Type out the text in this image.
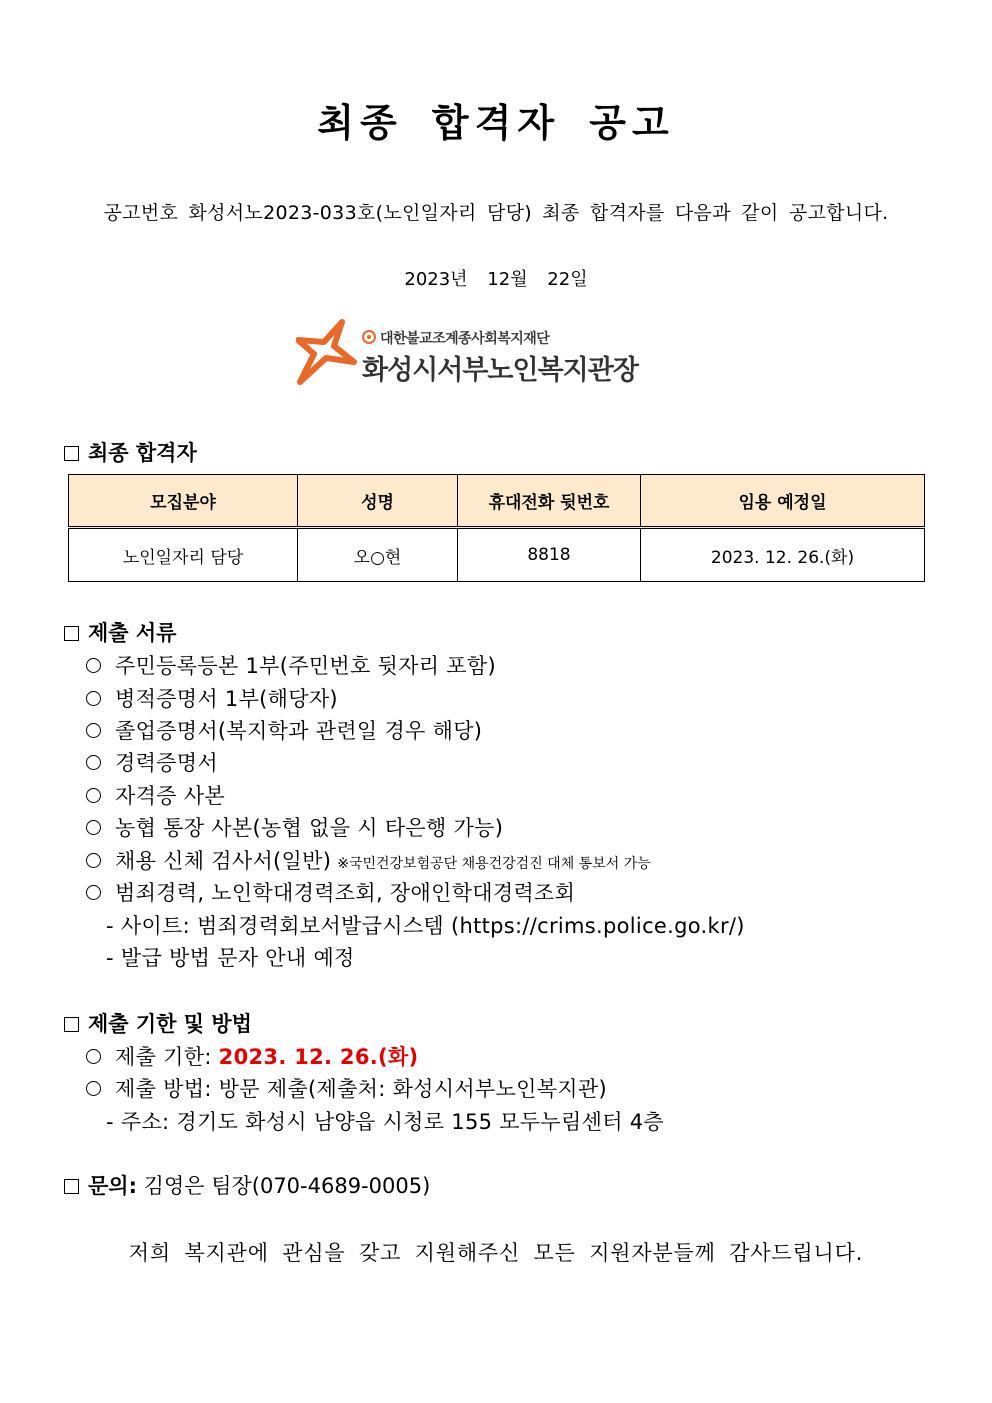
최종 합격자 공고
공고번호 화성서노2023-033호(노인일자리 담당) 최종 합격자를 다음과 같이 공고합니다.
2023년 12월 22일
대한불교조계종사회복지재단
화성시서부노인복지관장
최종 합격자
모집분야	성명	휴대전화 뒷번호	임용 예정일
노인일자리 담당	오○현	8818	2023. 12. 26.(화)
제출 서류
주민등록등본 1부(주민번호 뒷자리 포함)
병적증명서 1부(해당자)
졸업증명서(복지학과 관련일 경우 해당)
경력증명서
자격증 사본
농협 통장 사본(농협 없을 시 타은행 가능)
채용 신체 검사서(일반) ※국민건강보험공단 채용건강검진 대체 통보서 가능
범죄경력, 노인학대경력조회, 장애인학대경력조회
- 사이트: 범죄경력회보서발급시스템 (https://crims.police.go.kr/)
- 발급 방법 문자 안내 예정
제출 기한 및 방법
제출 기한: 2023. 12. 26.(화)
제출 방법: 방문 제출(제출처: 화성시서부노인복지관)
- 주소: 경기도 화성시 남양읍 시청로 155 모두누림센터 4층
문의: 김영은 팀장(070-4689-0005)
저희 복지관에 관심을 갖고 지원해주신 모든 지원자분들께 감사드립니다.
